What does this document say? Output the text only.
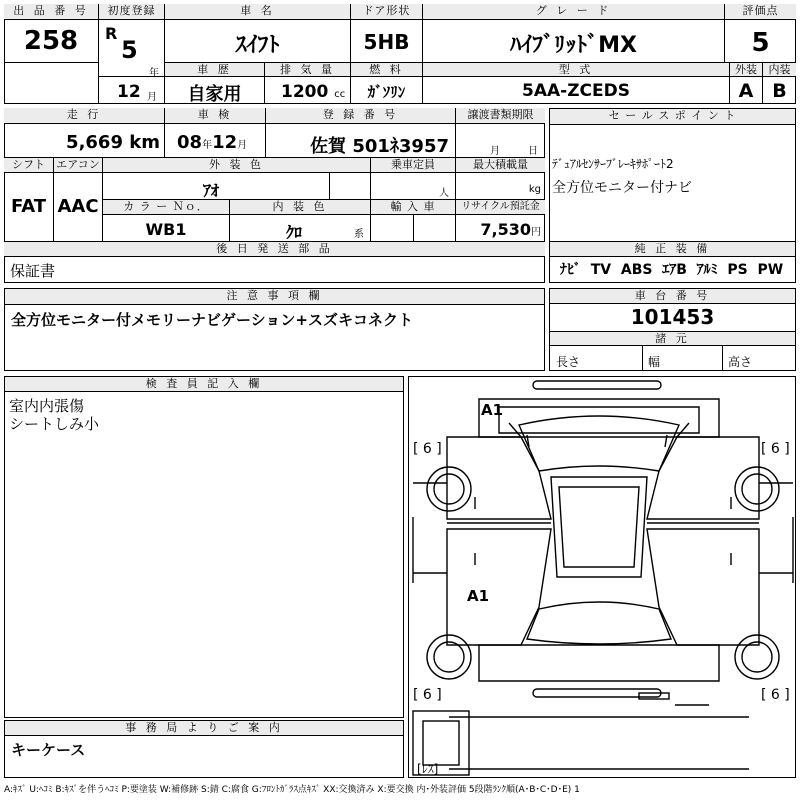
出 品 番 号
258
初度登録
R
5
年
12 月
車 名
ｽｲﾌﾄ
ドア形状
5HB
グ レ ー ド
ﾊｲﾌﾞﾘｯﾄﾞMX
評価点
5
車 歴
自家用
排 気 量
1200 cc
燃 料
ｶﾞｿﾘﾝ
型 式
5AA-ZCEDS
外装
A
内装
B
走 行
5,669 km
車 検
08年12月
登 録 番 号
佐賀 501ﾈ3957
譲渡書類期限
月	日
シフト
FAT
エアコン
AAC
外 装 色
ｱｵ
乗車定員
人
最大積載量
kg
カ ラ ー Ｎｏ．
WB1
内 装 色
ｸﾛ	系
輸 入 車	リサイクル預託金
7,530円
後 日 発 送 部 品
保証書
セ ー ル ス ポ イ ン ト
ﾃﾞｭｱﾙｾﾝｻｰﾌﾞﾚｰｷｻﾎﾟｰﾄ2
全方位モニター付ナビ
純 正 装 備
ﾅﾋﾞ  TV  ABS  ｴｱB  ｱﾙﾐ  PS  PW
注 意 事 項 欄
全方位モニター付メモリーナビゲーション+スズキコネクト
車 台 番 号
101453
諸 元
長さ	幅	高さ
検 査 員 記 入 欄
室内内張傷
シートしみ小
事 務 局 よ り ご 案 内
キーケース
[ 6 ]	[ 6 ]
[ 6 ]	[ 6 ]
A1
A1
[ﾚｽ]
A:ｷｽﾞ U:ﾍｺﾐ B:ｷｽﾞを伴うﾍｺﾐ P:要塗装 W:補修跡 S:錆 C:腐食 G:ﾌﾛﾝﾄｶﾞﾗｽ点ｷｽﾞ XX:交換済み X:要交換 内･外装評価 5段階ﾗﾝｸ順(A･B･C･D･E) 1
